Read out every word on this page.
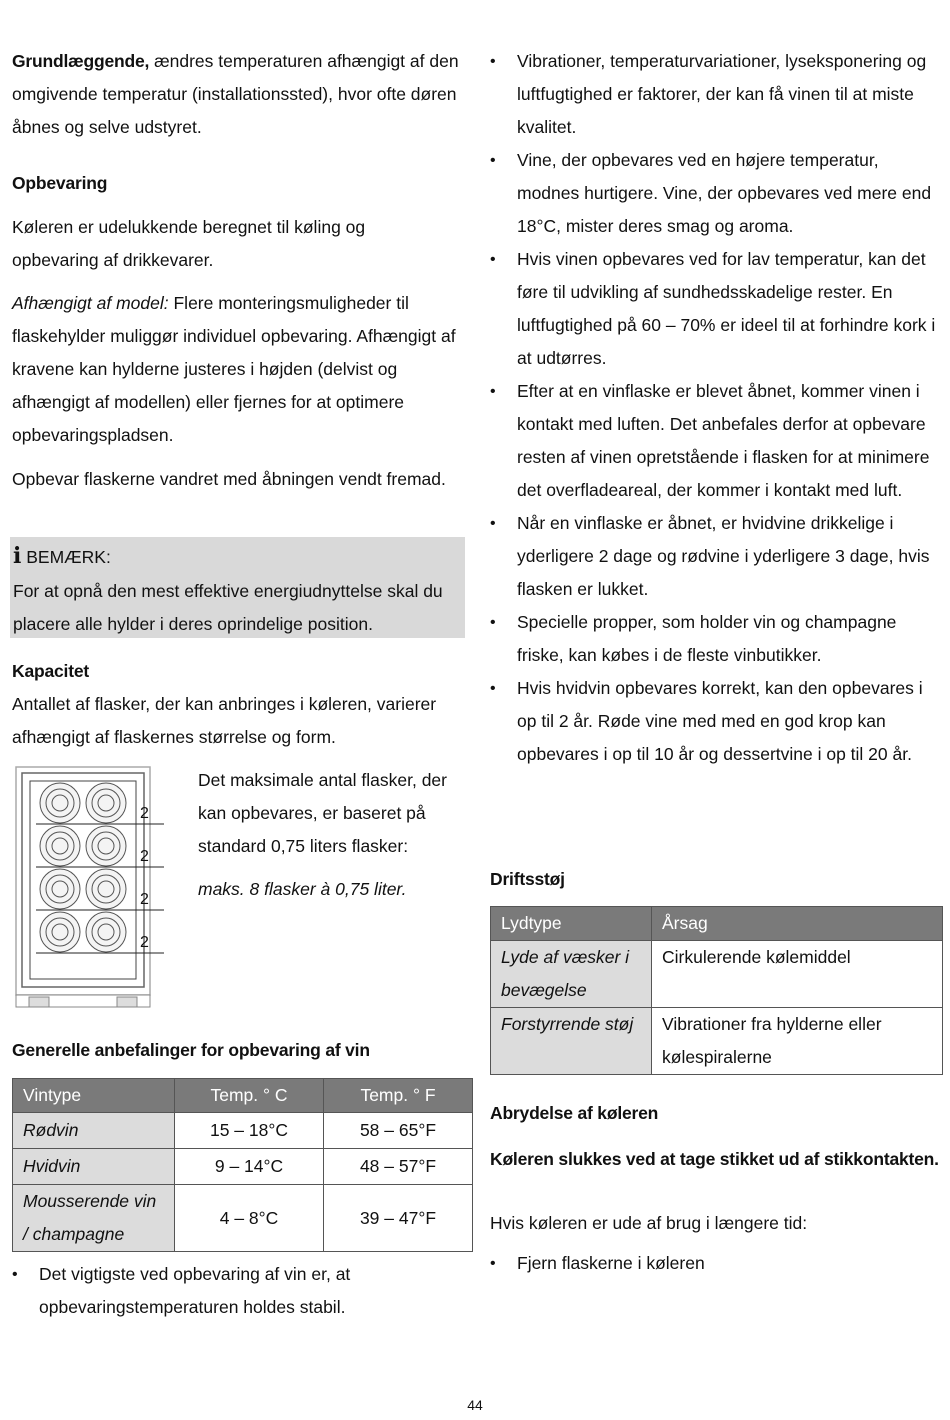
Grundlæggende, ændres temperaturen afhængigt af den omgivende temperatur (installationssted), hvor ofte døren åbnes og selve udstyret.

Opbevaring

Køleren er udelukkende beregnet til køling og opbevaring af drikkevarer.

Afhængigt af model: Flere monteringsmuligheder til flaskehylder muliggør individuel opbevaring. Afhængigt af kravene kan hylderne justeres i højden (delvist og afhængigt af modellen) eller fjernes for at optimere opbevaringspladsen.

Opbevar flaskerne vandret med åbningen vendt fremad.

i BEMÆRK:
For at opnå den mest effektive energiudnyttelse skal du placere alle hylder i deres oprindelige position.

Kapacitet

Antallet af flasker, der kan anbringes i køleren, varierer afhængigt af flaskernes størrelse og form.

2
2
2
2

Det maksimale antal flasker, der kan opbevares, er baseret på standard 0,75 liters flasker:

maks. 8 flasker à 0,75 liter.

Generelle anbefalinger for opbevaring af vin

Vintype	Temp. ° C	Temp. ° F
Rødvin	15 – 18°C	58 – 65°F
Hvidvin	9 – 14°C	48 – 57°F
Mousserende vin / champagne	4 – 8°C	39 – 47°F
• Det vigtigste ved opbevaring af vin er, at opbevaringstemperaturen holdes stabil.
• Vibrationer, temperaturvariationer, lyseksponering og luftfugtighed er faktorer, der kan få vinen til at miste kvalitet.
• Vine, der opbevares ved en højere temperatur, modnes hurtigere. Vine, der opbevares ved mere end 18°C, mister deres smag og aroma.
• Hvis vinen opbevares ved for lav temperatur, kan det føre til udvikling af sundhedsskadelige rester. En luftfugtighed på 60 – 70% er ideel til at forhindre kork i at udtørres.
• Efter at en vinflaske er blevet åbnet, kommer vinen i kontakt med luften. Det anbefales derfor at opbevare resten af vinen opretstående i flasken for at minimere det overfladeareal, der kommer i kontakt med luft.
• Når en vinflaske er åbnet, er hvidvine drikkelige i yderligere 2 dage og rødvine i yderligere 3 dage, hvis flasken er lukket.
• Specielle propper, som holder vin og champagne friske, kan købes i de fleste vinbutikker.
• Hvis hvidvin opbevares korrekt, kan den opbevares i op til 2 år. Røde vine med med en god krop kan opbevares i op til 10 år og dessertvine i op til 20 år.

Driftsstøj

Lydtype	Årsag
Lyde af væsker i bevægelse	Cirkulerende kølemiddel
Forstyrrende støj	Vibrationer fra hylderne eller kølespiralerne

Abrydelse af køleren

Køleren slukkes ved at tage stikket ud af stikkontakten.

Hvis køleren er ude af brug i længere tid:

• Fjern flaskerne i køleren
44
